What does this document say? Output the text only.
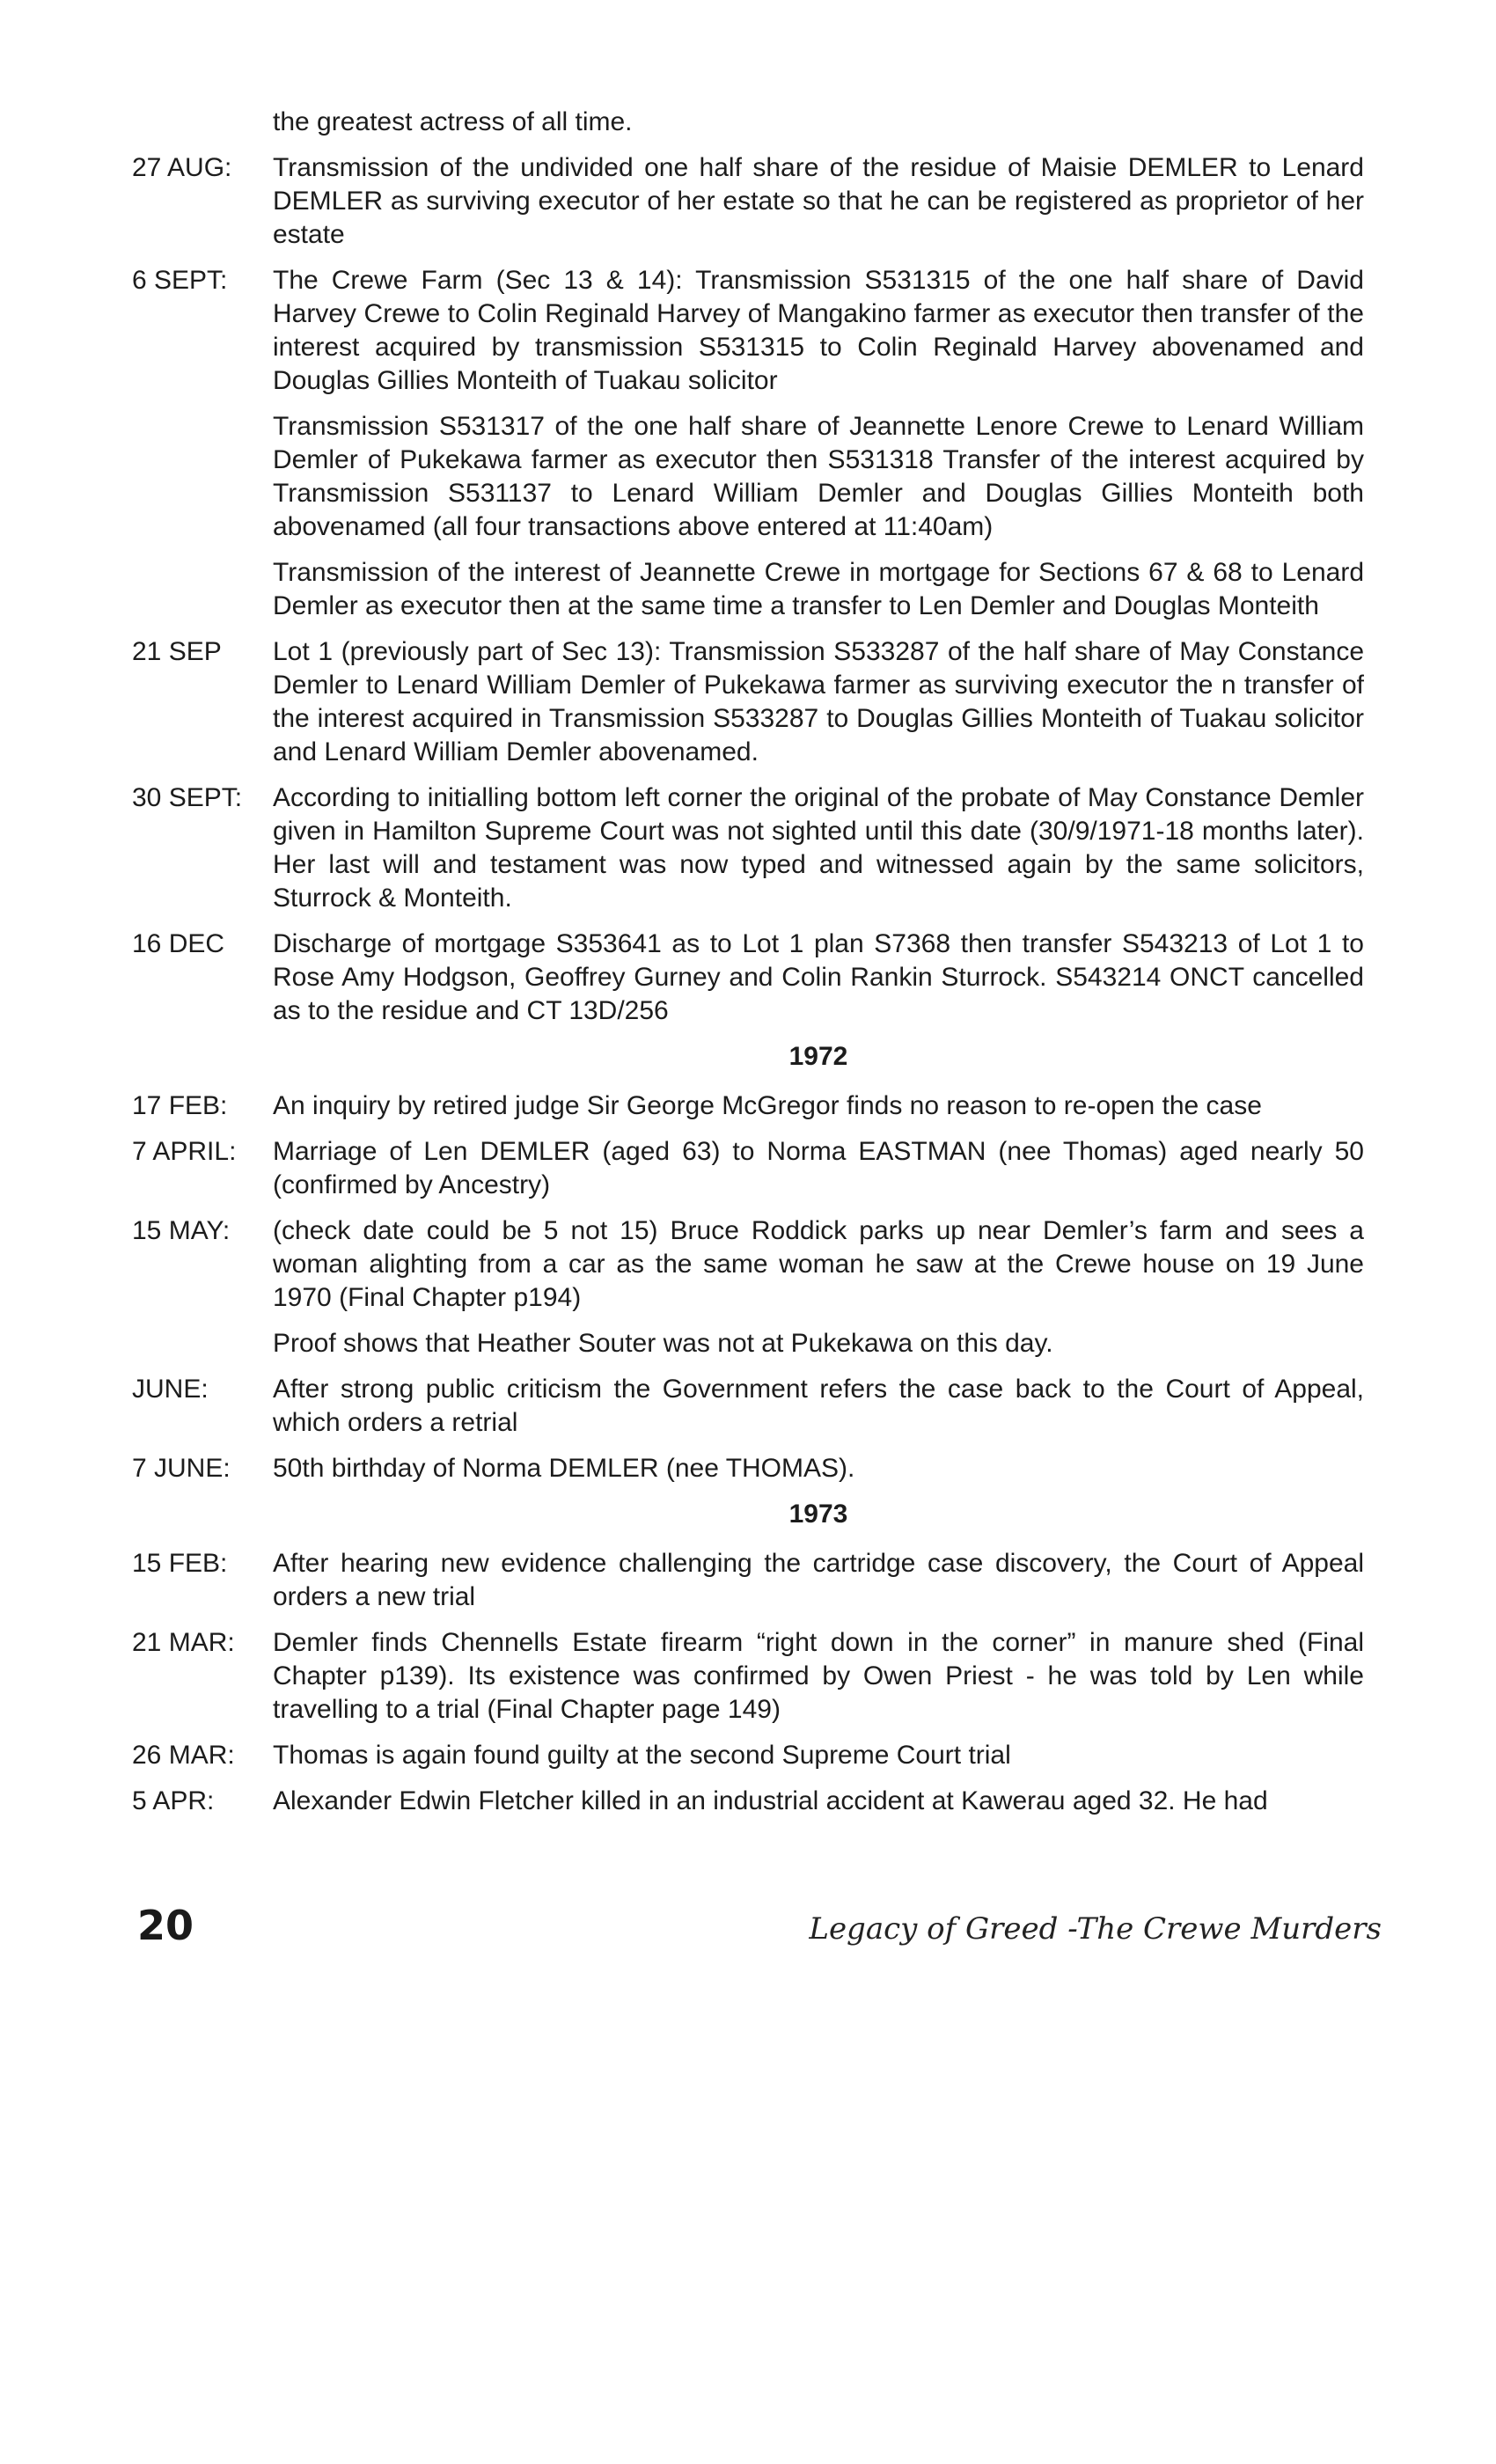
the greatest actress of all time.

27 AUG:	Transmission of the undivided one half share of the residue of Maisie DEMLER to Lenard DEMLER as surviving executor of her estate so that he can be registered as proprietor of her estate

6 SEPT:	The Crewe Farm (Sec 13 & 14): Transmission S531315 of the one half share of David Harvey Crewe to Colin Reginald Harvey of Mangakino farmer as executor then transfer of the interest acquired by transmission S531315 to Colin Reginald Harvey abovenamed and Douglas Gillies Monteith of Tuakau solicitor

Transmission S531317 of the one half share of Jeannette Lenore Crewe to Lenard William Demler of Pukekawa farmer as executor then S531318 Transfer of the interest acquired by Transmission S531137 to Lenard William Demler and Douglas Gillies Monteith both abovenamed (all four transactions above entered at 11:40am)

Transmission of the interest of Jeannette Crewe in mortgage for Sections 67 & 68 to Lenard Demler as executor then at the same time a transfer to Len Demler and Douglas Monteith

21 SEP	Lot 1 (previously part of Sec 13): Transmission S533287 of the half share of May Constance Demler to Lenard William Demler of Pukekawa farmer as surviving executor the n transfer of the interest acquired in Transmission S533287 to Douglas Gillies Monteith of Tuakau solicitor and Lenard William Demler abovenamed.

30 SEPT:	According to initialling bottom left corner the original of the probate of May Constance Demler given in Hamilton Supreme Court was not sighted until this date (30/9/1971-18 months later). Her last will and testament was now typed and witnessed again by the same solicitors, Sturrock & Monteith.

16 DEC	Discharge of mortgage S353641 as to Lot 1 plan S7368 then transfer S543213 of Lot 1 to Rose Amy Hodgson, Geoffrey Gurney and Colin Rankin Sturrock. S543214 ONCT cancelled as to the residue and CT 13D/256

1972
17 FEB:	An inquiry by retired judge Sir George McGregor finds no reason to re-open the case

7 APRIL:	Marriage of Len DEMLER (aged 63) to Norma EASTMAN (nee Thomas) aged nearly 50 (confirmed by Ancestry)

15 MAY:	(check date could be 5 not 15) Bruce Roddick parks up near Demler’s farm and sees a woman alighting from a car as the same woman he saw at the Crewe house on 19 June 1970 (Final Chapter p194)

Proof shows that Heather Souter was not at Pukekawa on this day.

JUNE:	After strong public criticism the Government refers the case back to the Court of Appeal, which orders a retrial

7 JUNE:	50th birthday of Norma DEMLER (nee THOMAS).

1973
15 FEB:	After hearing new evidence challenging the cartridge case discovery, the Court of Appeal orders a new trial

21 MAR:	Demler finds Chennells Estate firearm “right down in the corner” in manure shed (Final Chapter p139). Its existence was confirmed by Owen Priest - he was told by Len while travelling to a trial (Final Chapter page 149)

26 MAR:	Thomas is again found guilty at the second Supreme Court trial

5 APR:	Alexander Edwin Fletcher killed in an industrial accident at Kawerau aged 32. He had

20	Legacy of Greed -The Crewe Murders
